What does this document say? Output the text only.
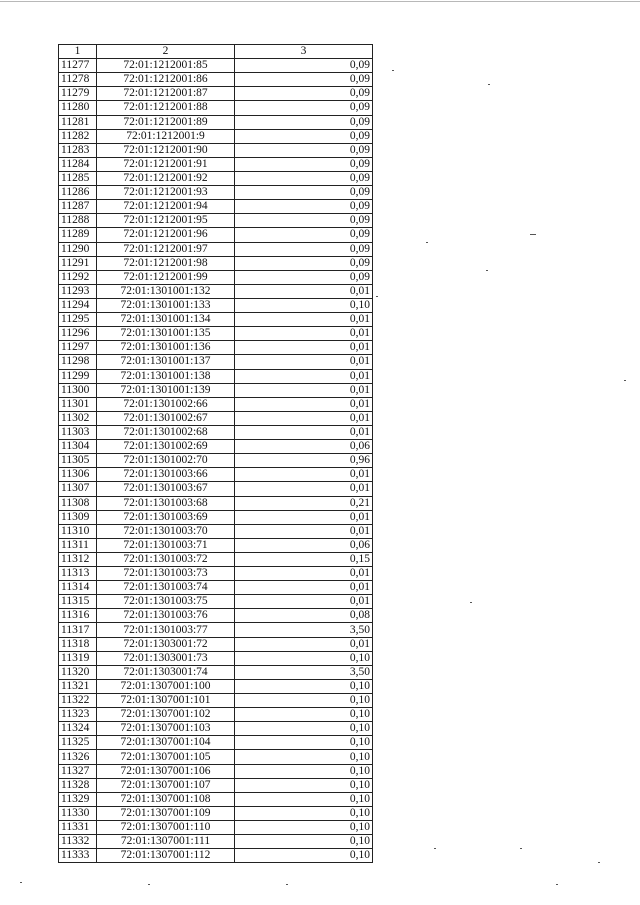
1	2	3
11277	72:01:1212001:85	0,09
11278	72:01:1212001:86	0,09
11279	72:01:1212001:87	0,09
11280	72:01:1212001:88	0,09
11281	72:01:1212001:89	0,09
11282	72:01:1212001:9	0,09
11283	72:01:1212001:90	0,09
11284	72:01:1212001:91	0,09
11285	72:01:1212001:92	0,09
11286	72:01:1212001:93	0,09
11287	72:01:1212001:94	0,09
11288	72:01:1212001:95	0,09
11289	72:01:1212001:96	0,09
11290	72:01:1212001:97	0,09
11291	72:01:1212001:98	0,09
11292	72:01:1212001:99	0,09
11293	72:01:1301001:132	0,01
11294	72:01:1301001:133	0,10
11295	72:01:1301001:134	0,01
11296	72:01:1301001:135	0,01
11297	72:01:1301001:136	0,01
11298	72:01:1301001:137	0,01
11299	72:01:1301001:138	0,01
11300	72:01:1301001:139	0,01
11301	72:01:1301002:66	0,01
11302	72:01:1301002:67	0,01
11303	72:01:1301002:68	0,01
11304	72:01:1301002:69	0,06
11305	72:01:1301002:70	0,96
11306	72:01:1301003:66	0,01
11307	72:01:1301003:67	0,01
11308	72:01:1301003:68	0,21
11309	72:01:1301003:69	0,01
11310	72:01:1301003:70	0,01
11311	72:01:1301003:71	0,06
11312	72:01:1301003:72	0,15
11313	72:01:1301003:73	0,01
11314	72:01:1301003:74	0,01
11315	72:01:1301003:75	0,01
11316	72:01:1301003:76	0,08
11317	72:01:1301003:77	3,50
11318	72:01:1303001:72	0,01
11319	72:01:1303001:73	0,10
11320	72:01:1303001:74	3,50
11321	72:01:1307001:100	0,10
11322	72:01:1307001:101	0,10
11323	72:01:1307001:102	0,10
11324	72:01:1307001:103	0,10
11325	72:01:1307001:104	0,10
11326	72:01:1307001:105	0,10
11327	72:01:1307001:106	0,10
11328	72:01:1307001:107	0,10
11329	72:01:1307001:108	0,10
11330	72:01:1307001:109	0,10
11331	72:01:1307001:110	0,10
11332	72:01:1307001:111	0,10
11333	72:01:1307001:112	0,10
